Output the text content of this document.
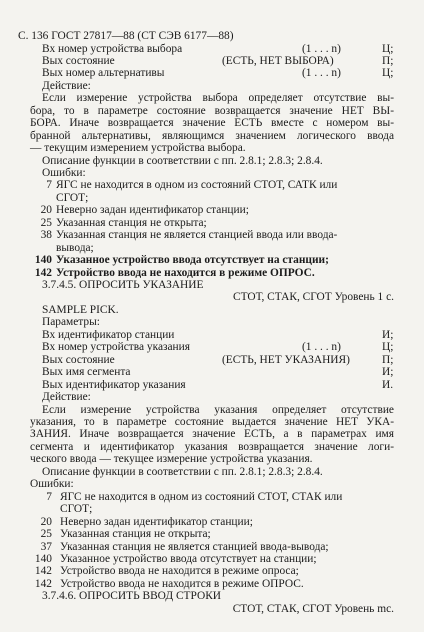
С. 136 ГОСТ 27817—88 (СТ СЭВ 6177—88)
Вх номер устройства выбора	(1 . . . n)	Ц;
Вых состояние	(ЕСТЬ, НЕТ ВЫБОРА)	П;
Вых номер альтернативы	(1 . . . n)	Ц;
Действие:
Если измерение устройства выбора определяет отсутствие вы-
бора, то в параметре состояние возвращается значение НЕТ ВЫ-
БОРА. Иначе возвращается значение ЕСТЬ вместе с номером вы-
бранной альтернативы, являющимся значением логического ввода
— текущим измерением устройства выбора.
Описание функции в соответствии с пп. 2.8.1; 2.8.3; 2.8.4.
Ошибки:
7 ЯГС не находится в одном из состояний СТОТ, САТК или
СГОТ;
20 Неверно задан идентификатор станции;
25 Указанная станция не открыта;
38 Указанная станция не является станцией ввода или ввода-
вывода;
140 Указанное устройство ввода отсутствует на станции;
142 Устройство ввода не находится в режиме ОПРОС.
3.7.4.5. ОПРОСИТЬ УКАЗАНИЕ
СТОТ, СТАК, СГОТ Уровень 1 с.
SAMPLE PICK.
Параметры:
Вх идентификатор станции	И;
Вх номер устройства указания	(1 . . . n)	Ц;
Вых состояние	(ЕСТЬ, НЕТ УКАЗАНИЯ)	П;
Вых имя сегмента	И;
Вых идентификатор указания	И.
Действие:
Если измерение устройства указания определяет отсутствие
указания, то в параметре состояние выдается значение НЕТ УКА-
ЗАНИЯ. Иначе возвращается значение ЕСТЬ, а в параметрах имя
сегмента и идентификатор указания возвращается значение логи-
ческого ввода — текущее измерение устройства указания.
Описание функции в соответствии с пп. 2.8.1; 2.8.3; 2.8.4.
Ошибки:
7 ЯГС не находится в одном из состояний СТОТ, СТАК или
СГОТ;
20 Неверно задан идентификатор станции;
25 Указанная станция не открыта;
37 Указанная станция не является станцией ввода-вывода;
140 Указанное устройство ввода отсутствует на станции;
142 Устройство ввода не находится в режиме опроса;
142 Устройство ввода не находится в режиме ОПРОС.
3.7.4.6. ОПРОСИТЬ ВВОД СТРОКИ
СТОТ, СТАК, СГОТ Уровень mс.
